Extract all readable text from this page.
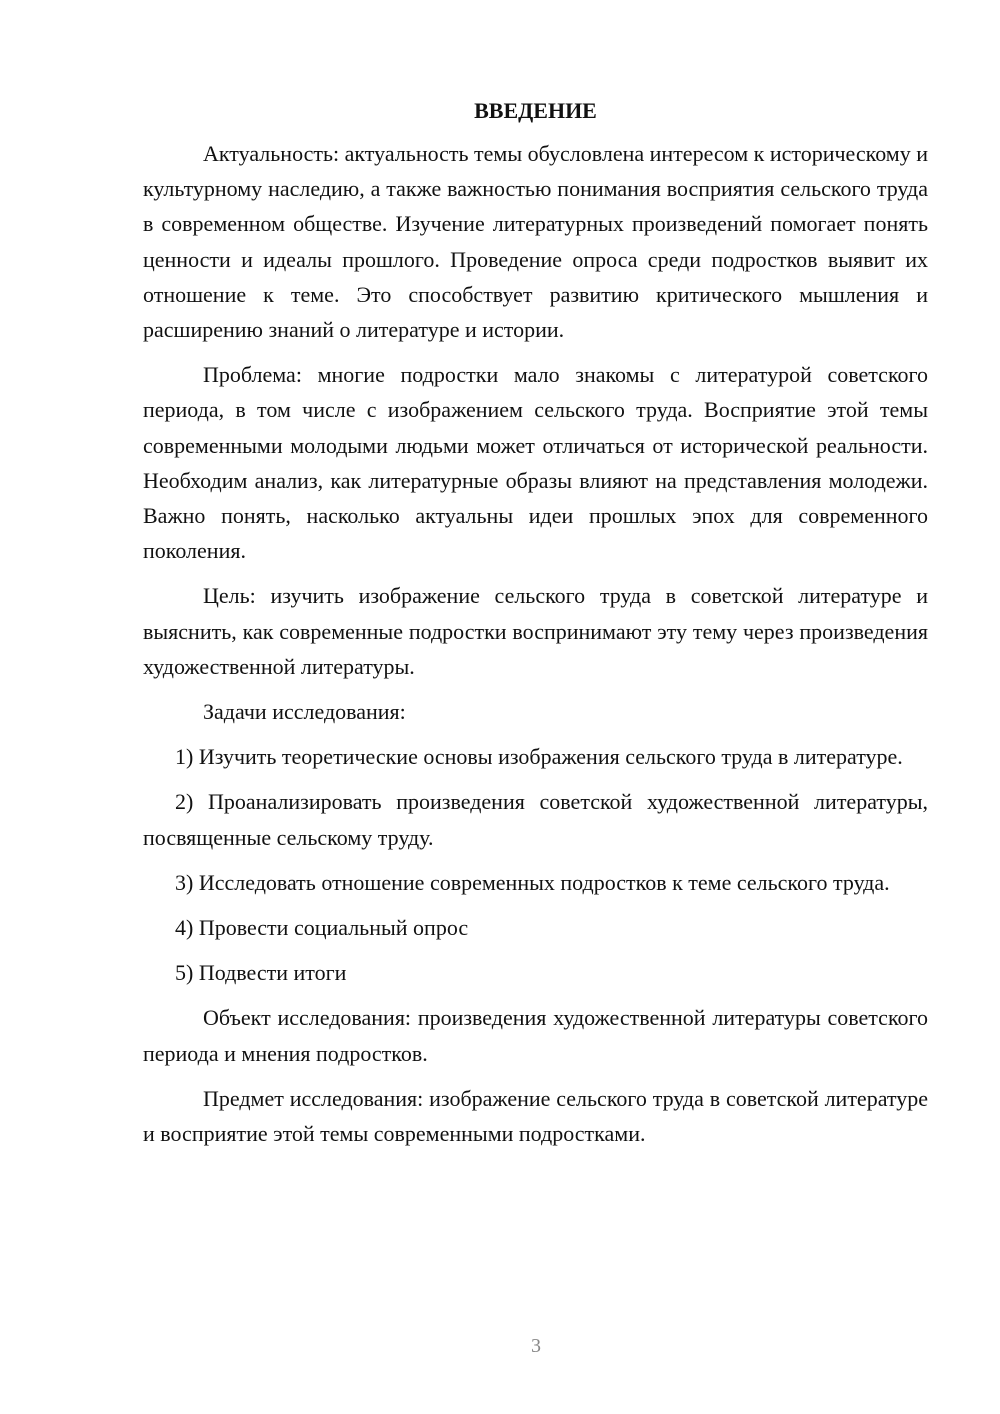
ВВЕДЕНИЕ

Актуальность: актуальность темы обусловлена интересом к историческому и культурному наследию, а также важностью понимания восприятия сельского труда в современном обществе. Изучение литературных произведений помогает понять ценности и идеалы прошлого. Проведение опроса среди подростков выявит их отношение к теме. Это способствует развитию критического мышления и расширению знаний о литературе и истории.

Проблема: многие подростки мало знакомы с литературой советского периода, в том числе с изображением сельского труда. Восприятие этой темы современными молодыми людьми может отличаться от исторической реальности. Необходим анализ, как литературные образы влияют на представления молодежи. Важно понять, насколько актуальны идеи прошлых эпох для современного поколения.

Цель: изучить изображение сельского труда в советской литературе и выяснить, как современные подростки воспринимают эту тему через произведения художественной литературы.

Задачи исследования:

1) Изучить теоретические основы изображения сельского труда в литературе.

2) Проанализировать произведения советской художественной литературы, посвященные сельскому труду.

3) Исследовать отношение современных подростков к теме сельского труда.

4) Провести социальный опрос

5) Подвести итоги

Объект исследования: произведения художественной литературы советского периода и мнения подростков.

Предмет исследования: изображение сельского труда в советской литературе и восприятие этой темы современными подростками.

3
